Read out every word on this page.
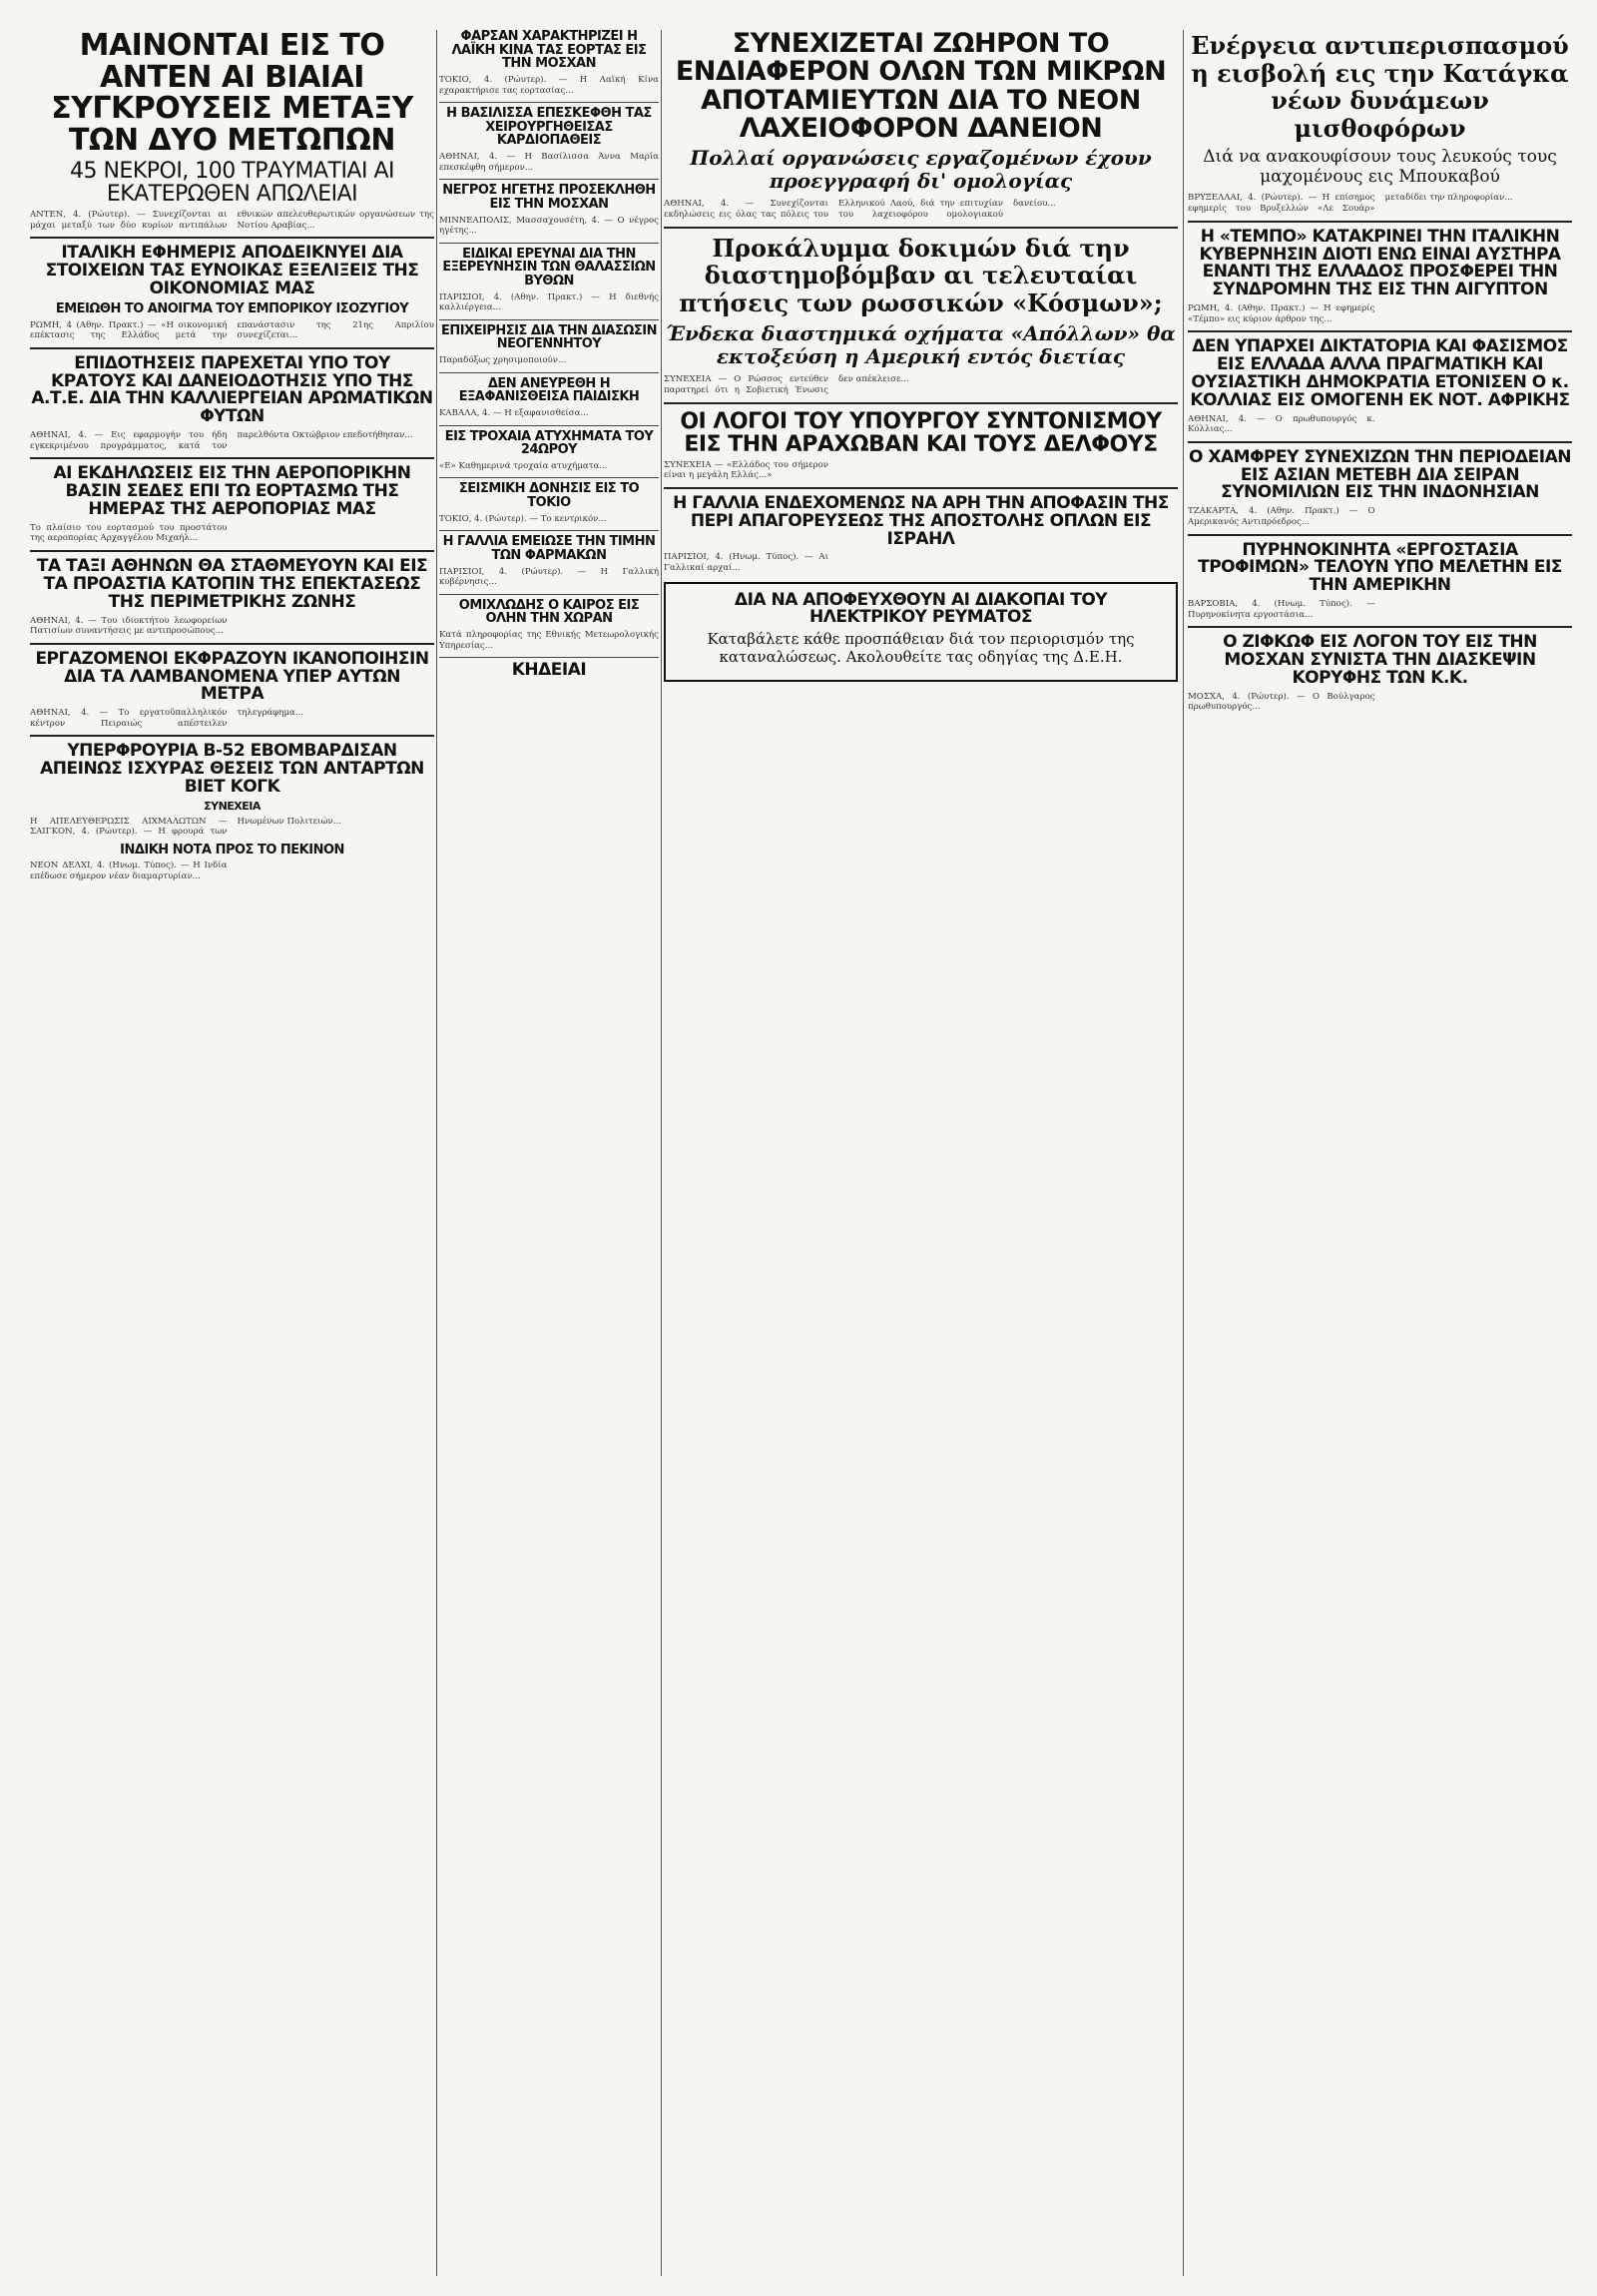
ΜΑΙΝΟΝΤΑΙ ΕΙΣ ΤΟ ΑΝΤΕΝ ΑΙ ΒΙΑΙΑΙ ΣΥΓΚΡΟΥΣΕΙΣ ΜΕΤΑΞΥ ΤΩΝ ΔΥΟ ΜΕΤΩΠΩΝ
45 ΝΕΚΡΟΙ, 100 ΤΡΑΥΜΑΤΙΑΙ ΑΙ ΕΚΑΤΕΡΩΘΕΝ ΑΠΩΛΕΙΑΙ
ΑΝΤΕΝ, 4. (Ρώυτερ). — Συνεχίζονται αι μάχαι μεταξύ των δύο κυρίων αντιπάλων εθνικών απελευθερωτικών οργανώσεων της Νοτίου Αραβίας...
ΙΤΑΛΙΚΗ ΕΦΗΜΕΡΙΣ ΑΠΟΔΕΙΚΝΥΕΙ ΔΙΑ ΣΤΟΙΧΕΙΩΝ ΤΑΣ ΕΥΝΟΙΚΑΣ ΕΞΕΛΙΞΕΙΣ ΤΗΣ ΟΙΚΟΝΟΜΙΑΣ ΜΑΣ
ΕΜΕΙΩΘΗ ΤΟ ΑΝΟΙΓΜΑ ΤΟΥ ΕΜΠΟΡΙΚΟΥ ΙΣΟΖΥΓΙΟΥ
ΡΩΜΗ, 4 (Αθην. Πρακτ.) — «Η οικονομική επέκτασις της Ελλάδος μετά την επανάστασιν της 21ης Απριλίου συνεχίζεται...
ΕΠΙΔΟΤΗΣΕΙΣ ΠΑΡΕΧΕΤΑΙ ΥΠΟ ΤΟΥ ΚΡΑΤΟΥΣ ΚΑΙ ΔΑΝΕΙΟΔΟΤΗΣΙΣ ΥΠΟ ΤΗΣ Α.Τ.Ε. ΔΙΑ ΤΗΝ ΚΑΛΛΙΕΡΓΕΙΑΝ ΑΡΩΜΑΤΙΚΩΝ ΦΥΤΩΝ
ΑΘΗΝΑΙ, 4. — Εις εφαρμογήν του ήδη εγκεκριμένου προγράμματος, κατά τον παρελθόντα Οκτώβριον επεδοτήθησαν...
ΑΙ ΕΚΔΗΛΩΣΕΙΣ ΕΙΣ ΤΗΝ ΑΕΡΟΠΟΡΙΚΗΝ ΒΑΣΙΝ ΣΕΔΕΣ ΕΠΙ ΤΩ ΕΟΡΤΑΣΜΩ ΤΗΣ ΗΜΕΡΑΣ ΤΗΣ ΑΕΡΟΠΟΡΙΑΣ ΜΑΣ
Το πλαίσιο του εορτασμού του προστάτου της αεροπορίας Αρχαγγέλου Μιχαήλ...
ΤΑ ΤΑΞΙ ΑΘΗΝΩΝ ΘΑ ΣΤΑΘΜΕΥΟΥΝ ΚΑΙ ΕΙΣ ΤΑ ΠΡΟΑΣΤΙΑ ΚΑΤΟΠΙΝ ΤΗΣ ΕΠΕΚΤΑΣΕΩΣ ΤΗΣ ΠΕΡΙΜΕΤΡΙΚΗΣ ΖΩΝΗΣ
ΑΘΗΝΑΙ, 4. — Του ιδιοκτήτου λεωφορείων Πατισίων συναντήσεις με αντιπροσώπους...
ΕΡΓΑΖΟΜΕΝΟΙ ΕΚΦΡΑΖΟΥΝ ΙΚΑΝΟΠΟΙΗΣΙΝ ΔΙΑ ΤΑ ΛΑΜΒΑΝΟΜΕΝΑ ΥΠΕΡ ΑΥΤΩΝ ΜΕΤΡΑ
ΑΘΗΝΑΙ, 4. — Το εργατοϋπαλληλικόν κέντρον Πειραιώς απέστειλεν τηλεγράφημα...
ΥΠΕΡΦΡΟΥΡΙΑ Β-52 ΕΒΟΜΒΑΡΔΙΣΑΝ ΑΠΕΙΝΩΣ ΙΣΧΥΡΑΣ ΘΕΣΕΙΣ ΤΩΝ ΑΝΤΑΡΤΩΝ ΒΙΕΤ ΚΟΓΚ
ΣΥΝΕΧΕΙΑ
Η ΑΠΕΛΕΥΘΕΡΩΣΙΣ ΑΙΧΜΑΛΩΤΩΝ — ΣΑΙΓΚΟΝ, 4. (Ρώυτερ). — Η φρουρά των Ηνωμένων Πολιτειών...
ΙΝΔΙΚΗ ΝΟΤΑ ΠΡΟΣ ΤΟ ΠΕΚΙΝΟΝ
ΝΕΟΝ ΔΕΛΧΙ, 4. (Ηνωμ. Τύπος). — Η Ινδία επέδωσε σήμερον νέαν διαμαρτυρίαν...
ΦΑΡΣΑΝ ΧΑΡΑΚΤΗΡΙΖΕΙ Η ΛΑΪΚΗ ΚΙΝΑ ΤΑΣ ΕΟΡΤΑΣ ΕΙΣ ΤΗΝ ΜΟΣΧΑΝ
ΤΟΚΙΟ, 4. (Ρώυτερ). — Η Λαϊκή Κίνα εχαρακτήρισε τας εορτασίας...
Η ΒΑΣΙΛΙΣΣΑ ΕΠΕΣΚΕΦΘΗ ΤΑΣ ΧΕΙΡΟΥΡΓΗΘΕΙΣΑΣ ΚΑΡΔΙΟΠΑΘΕΙΣ
ΑΘΗΝΑΙ, 4. — Η Βασίλισσα Άννα Μαρία επεσκέφθη σήμερον...
ΝΕΓΡΟΣ ΗΓΕΤΗΣ ΠΡΟΣΕΚΛΗΘΗ ΕΙΣ ΤΗΝ ΜΟΣΧΑΝ
ΜΙΝΝΕΑΠΟΛΙΣ, Μασσαχουσέτη, 4. — Ο νέγρος ηγέτης...
ΕΙΔΙΚΑΙ ΕΡΕΥΝΑΙ ΔΙΑ ΤΗΝ ΕΞΕΡΕΥΝΗΣΙΝ ΤΩΝ ΘΑΛΑΣΣΙΩΝ ΒΥΘΩΝ
ΠΑΡΙΣΙΟΙ, 4. (Αθην. Πρακτ.) — Η διεθνής καλλιέργεια...
ΕΠΙΧΕΙΡΗΣΙΣ ΔΙΑ ΤΗΝ ΔΙΑΣΩΣΙΝ ΝΕΟΓΕΝΝΗΤΟΥ
Παραδόξως χρησιμοποιούν...
ΔΕΝ ΑΝΕΥΡΕΘΗ Η ΕΞΑΦΑΝΙΣΘΕΙΣΑ ΠΑΙΔΙΣΚΗ
ΚΑΒΑΛΑ, 4. — Η εξαφανισθείσα...
ΕΙΣ ΤΡΟΧΑΙΑ ΑΤΥΧΗΜΑΤΑ ΤΟΥ 24ΩΡΟΥ
«Ε» Καθημερινά τροχαία ατυχήματα...
ΣΕΙΣΜΙΚΗ ΔΟΝΗΣΙΣ ΕΙΣ ΤΟ ΤΟΚΙΟ
ΤΟΚΙΟ, 4. (Ρώυτερ). — Το κεντρικόν...
Η ΓΑΛΛΙΑ ΕΜΕΙΩΣΕ ΤΗΝ ΤΙΜΗΝ ΤΩΝ ΦΑΡΜΑΚΩΝ
ΠΑΡΙΣΙΟΙ, 4. (Ρώυτερ). — Η Γαλλική κυβέρνησις...
ΟΜΙΧΛΩΔΗΣ Ο ΚΑΙΡΟΣ ΕΙΣ ΟΛΗΝ ΤΗΝ ΧΩΡΑΝ
Κατά πληροφορίας της Εθνικής Μετεωρολογικής Υπηρεσίας...
ΚΗΔΕΙΑΙ
ΣΥΝΕΧΙΖΕΤΑΙ ΖΩΗΡΟΝ ΤΟ ΕΝΔΙΑΦΕΡΟΝ ΟΛΩΝ ΤΩΝ ΜΙΚΡΩΝ ΑΠΟΤΑΜΙΕΥΤΩΝ ΔΙΑ ΤΟ ΝΕΟΝ ΛΑΧΕΙΟΦΟΡΟΝ ΔΑΝΕΙΟΝ
Πολλαί οργανώσεις εργαζομένων έχουν προεγγραφή δι' ομολογίας
ΑΘΗΝΑΙ, 4. — Συνεχίζονται εκδηλώσεις εις όλας τας πόλεις του Ελληνικού Λαού, διά την επιτυχίαν του λαχειοφόρου ομολογιακού δανείου...
Προκάλυμμα δοκιμών διά την διαστημοβόμβαν αι τελευταίαι πτήσεις των ρωσσικών «Κόσμων»;
Ένδεκα διαστημικά οχήματα «Απόλλων» θα εκτοξεύση η Αμερική εντός διετίας
ΣΥΝΕΧΕΙΑ — Ο Ρώσσος εντεύθεν παρατηρεί ότι η Σοβιετική Ένωσις δεν απέκλεισε...
ΟΙ ΛΟΓΟΙ ΤΟΥ ΥΠΟΥΡΓΟΥ ΣΥΝΤΟΝΙΣΜΟΥ ΕΙΣ ΤΗΝ ΑΡΑΧΩΒΑΝ ΚΑΙ ΤΟΥΣ ΔΕΛΦΟΥΣ
ΣΥΝΕΧΕΙΑ — «Ελλάδος του σήμερον είναι η μεγάλη Ελλάς...»
Η ΓΑΛΛΙΑ ΕΝΔΕΧΟΜΕΝΩΣ ΝΑ ΑΡΗ ΤΗΝ ΑΠΟΦΑΣΙΝ ΤΗΣ ΠΕΡΙ ΑΠΑΓΟΡΕΥΣΕΩΣ ΤΗΣ ΑΠΟΣΤΟΛΗΣ ΟΠΛΩΝ ΕΙΣ ΙΣΡΑΗΛ
ΠΑΡΙΣΙΟΙ, 4. (Ηνωμ. Τύπος). — Αι Γαλλικαί αρχαί...
ΔΙΑ ΝΑ ΑΠΟΦΕΥΧΘΟΥΝ ΑΙ ΔΙΑΚΟΠΑΙ ΤΟΥ ΗΛΕΚΤΡΙΚΟΥ ΡΕΥΜΑΤΟΣ
Καταβάλετε κάθε προσπάθειαν διά τον περιορισμόν της καταναλώσεως. Ακολουθείτε τας οδηγίας της Δ.Ε.Η.
Ενέργεια αντιπερισπασμού η εισβολή εις την Κατάγκα νέων δυνάμεων μισθοφόρων
Διά να ανακουφίσουν τους λευκούς τους μαχομένους εις Μπουκαβού
ΒΡΥΞΕΛΛΑΙ, 4. (Ρώυτερ). — Η επίσημος εφημερίς του Βρυξελλών «Λε Σουάρ» μεταδίδει την πληροφορίαν...
Η «ΤΕΜΠΟ» ΚΑΤΑΚΡΙΝΕΙ ΤΗΝ ΙΤΑΛΙΚΗΝ ΚΥΒΕΡΝΗΣΙΝ ΔΙΟΤΙ ΕΝΩ ΕΙΝΑΙ ΑΥΣΤΗΡΑ ΕΝΑΝΤΙ ΤΗΣ ΕΛΛΑΔΟΣ ΠΡΟΣΦΕΡΕΙ ΤΗΝ ΣΥΝΔΡΟΜΗΝ ΤΗΣ ΕΙΣ ΤΗΝ ΑΙΓΥΠΤΟΝ
ΡΩΜΗ, 4. (Αθην. Πρακτ.) — Η εφημερίς «Τέμπο» εις κύριον άρθρον της...
ΔΕΝ ΥΠΑΡΧΕΙ ΔΙΚΤΑΤΟΡΙΑ ΚΑΙ ΦΑΣΙΣΜΟΣ ΕΙΣ ΕΛΛΑΔΑ ΑΛΛΑ ΠΡΑΓΜΑΤΙΚΗ ΚΑΙ ΟΥΣΙΑΣΤΙΚΗ ΔΗΜΟΚΡΑΤΙΑ ΕΤΟΝΙΣΕΝ Ο κ. ΚΟΛΛΙΑΣ ΕΙΣ ΟΜΟΓΕΝΗ ΕΚ ΝΟΤ. ΑΦΡΙΚΗΣ
ΑΘΗΝΑΙ, 4. — Ο πρωθυπουργός κ. Κόλλιας...
Ο ΧΑΜΦΡΕΥ ΣΥΝΕΧΙΖΩΝ ΤΗΝ ΠΕΡΙΟΔΕΙΑΝ ΕΙΣ ΑΣΙΑΝ ΜΕΤΕΒΗ ΔΙΑ ΣΕΙΡΑΝ ΣΥΝΟΜΙΛΙΩΝ ΕΙΣ ΤΗΝ ΙΝΔΟΝΗΣΙΑΝ
ΤΖΑΚΑΡΤΑ, 4. (Αθην. Πρακτ.) — Ο Αμερικανός Αντιπρόεδρος...
ΠΥΡΗΝΟΚΙΝΗΤΑ «ΕΡΓΟΣΤΑΣΙΑ ΤΡΟΦΙΜΩΝ» ΤΕΛΟΥΝ ΥΠΟ ΜΕΛΕΤΗΝ ΕΙΣ ΤΗΝ ΑΜΕΡΙΚΗΝ
ΒΑΡΣΟΒΙΑ, 4. (Ηνωμ. Τύπος). — Πυρηνοκίνητα εργοστάσια...
Ο ΖΙΦΚΩΦ ΕΙΣ ΛΟΓΟΝ ΤΟΥ ΕΙΣ ΤΗΝ ΜΟΣΧΑΝ ΣΥΝΙΣΤΑ ΤΗΝ ΔΙΑΣΚΕΨΙΝ ΚΟΡΥΦΗΣ ΤΩΝ Κ.Κ.
ΜΟΣΧΑ, 4. (Ρώυτερ). — Ο Βούλγαρος πρωθυπουργός...
